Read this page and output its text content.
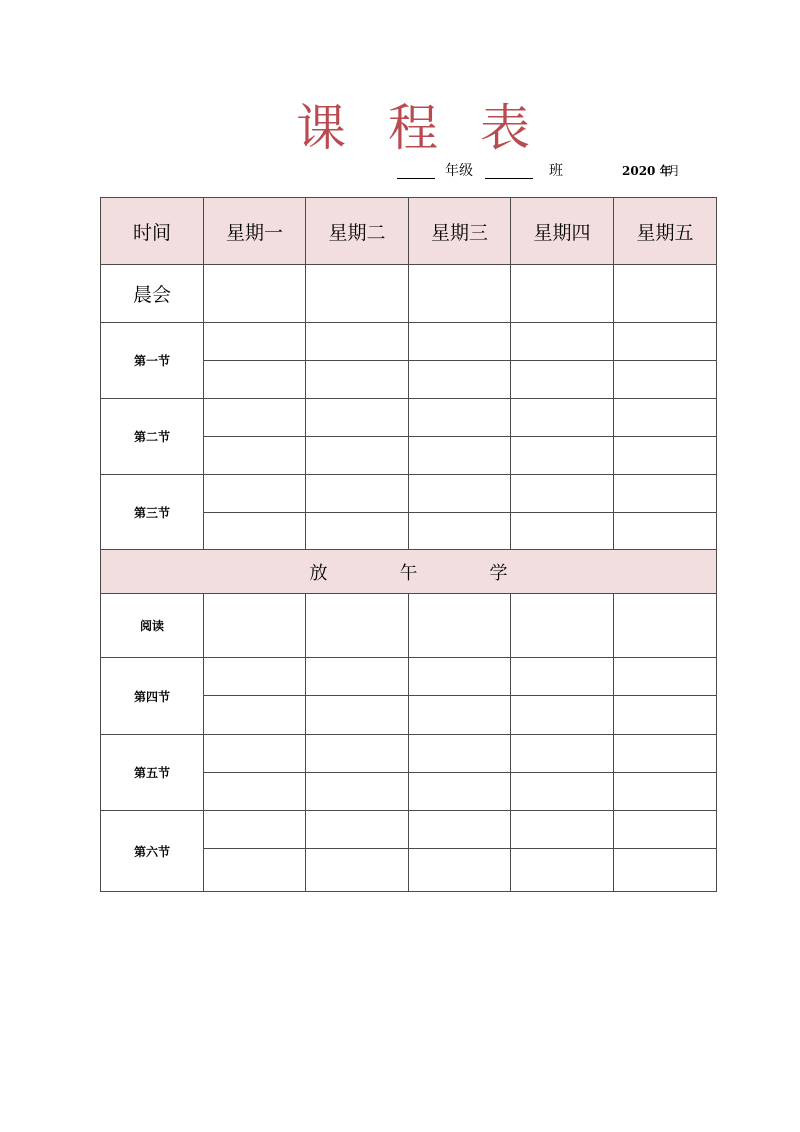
课 程 表
年级	班	2020 年
月
时间	星期一	星期二	星期三	星期四	星期五
晨会					
第一节					

第二节					

第三节					

放 午 学					
阅读					
第四节					

第五节					

第六节					
